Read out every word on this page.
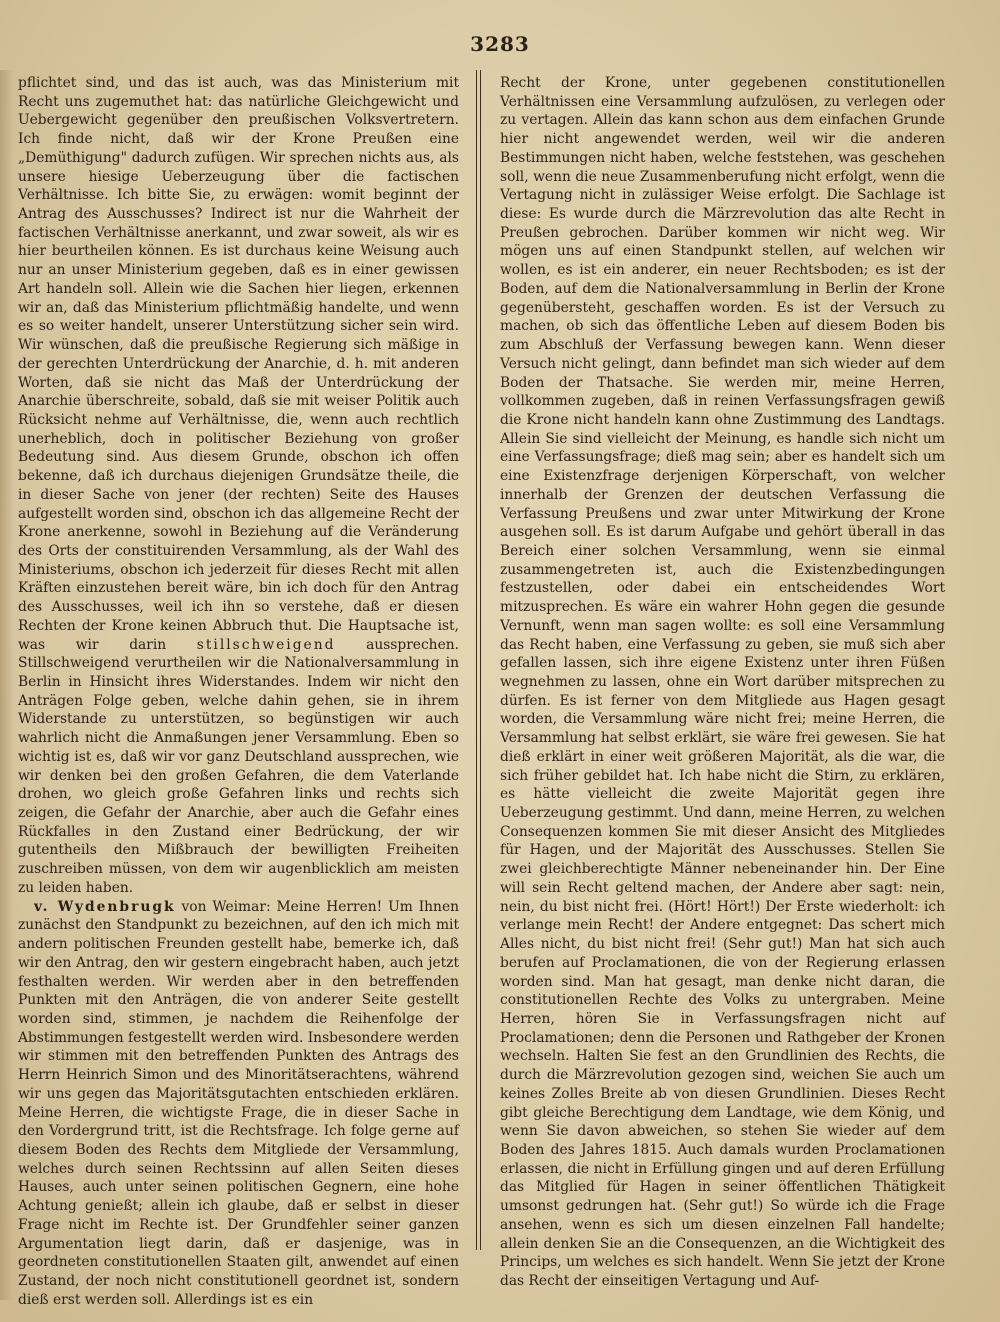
3283

pflichtet sind, und das ist auch, was das Ministerium mit Recht uns zugemuthet hat: das natürliche Gleichgewicht und Uebergewicht gegenüber den preußischen Volksvertretern. Ich finde nicht, daß wir der Krone Preußen eine „Demüthigung" dadurch zufügen. Wir sprechen nichts aus, als unsere hiesige Ueberzeugung über die factischen Verhältnisse. Ich bitte Sie, zu erwägen: womit beginnt der Antrag des Ausschusses? Indirect ist nur die Wahrheit der factischen Verhältnisse anerkannt, und zwar soweit, als wir es hier beurtheilen können. Es ist durchaus keine Weisung auch nur an unser Ministerium gegeben, daß es in einer gewissen Art handeln soll. Allein wie die Sachen hier liegen, erkennen wir an, daß das Ministerium pflichtmäßig handelte, und wenn es so weiter handelt, unserer Unterstützung sicher sein wird. Wir wünschen, daß die preußische Regierung sich mäßige in der gerechten Unterdrückung der Anarchie, d. h. mit anderen Worten, daß sie nicht das Maß der Unterdrückung der Anarchie überschreite, sobald, daß sie mit weiser Politik auch Rücksicht nehme auf Verhältnisse, die, wenn auch rechtlich unerheblich, doch in politischer Beziehung von großer Bedeutung sind. Aus diesem Grunde, obschon ich offen bekenne, daß ich durchaus diejenigen Grundsätze theile, die in dieser Sache von jener (der rechten) Seite des Hauses aufgestellt worden sind, obschon ich das allgemeine Recht der Krone anerkenne, sowohl in Beziehung auf die Veränderung des Orts der constituirenden Versammlung, als der Wahl des Ministeriums, obschon ich jederzeit für dieses Recht mit allen Kräften einzustehen bereit wäre, bin ich doch für den Antrag des Ausschusses, weil ich ihn so verstehe, daß er diesen Rechten der Krone keinen Abbruch thut. Die Hauptsache ist, was wir darin stillschweigend aussprechen. Stillschweigend verurtheilen wir die Nationalversammlung in Berlin in Hinsicht ihres Widerstandes. Indem wir nicht den Anträgen Folge geben, welche dahin gehen, sie in ihrem Widerstande zu unterstützen, so begünstigen wir auch wahrlich nicht die Anmaßungen jener Versammlung. Eben so wichtig ist es, daß wir vor ganz Deutschland aussprechen, wie wir denken bei den großen Gefahren, die dem Vaterlande drohen, wo gleich große Gefahren links und rechts sich zeigen, die Gefahr der Anarchie, aber auch die Gefahr eines Rückfalles in den Zustand einer Bedrückung, der wir gutentheils den Mißbrauch der bewilligten Freiheiten zuschreiben müssen, von dem wir augenblicklich am meisten zu leiden haben.

v. Wydenbrugk von Weimar: Meine Herren! Um Ihnen zunächst den Standpunkt zu bezeichnen, auf den ich mich mit andern politischen Freunden gestellt habe, bemerke ich, daß wir den Antrag, den wir gestern eingebracht haben, auch jetzt festhalten werden. Wir werden aber in den betreffenden Punkten mit den Anträgen, die von anderer Seite gestellt worden sind, stimmen, je nachdem die Reihenfolge der Abstimmungen festgestellt werden wird. Insbesondere werden wir stimmen mit den betreffenden Punkten des Antrags des Herrn Heinrich Simon und des Minoritätserachtens, während wir uns gegen das Majoritätsgutachten entschieden erklären. Meine Herren, die wichtigste Frage, die in dieser Sache in den Vordergrund tritt, ist die Rechtsfrage. Ich folge gerne auf diesem Boden des Rechts dem Mitgliede der Versammlung, welches durch seinen Rechtssinn auf allen Seiten dieses Hauses, auch unter seinen politischen Gegnern, eine hohe Achtung genießt; allein ich glaube, daß er selbst in dieser Frage nicht im Rechte ist. Der Grundfehler seiner ganzen Argumentation liegt darin, daß er dasjenige, was in geordneten constitutionellen Staaten gilt, anwendet auf einen Zustand, der noch nicht constitutionell geordnet ist, sondern dieß erst werden soll. Allerdings ist es ein

Recht der Krone, unter gegebenen constitutionellen Verhältnissen eine Versammlung aufzulösen, zu verlegen oder zu vertagen. Allein das kann schon aus dem einfachen Grunde hier nicht angewendet werden, weil wir die anderen Bestimmungen nicht haben, welche feststehen, was geschehen soll, wenn die neue Zusammenberufung nicht erfolgt, wenn die Vertagung nicht in zulässiger Weise erfolgt. Die Sachlage ist diese: Es wurde durch die Märzrevolution das alte Recht in Preußen gebrochen. Darüber kommen wir nicht weg. Wir mögen uns auf einen Standpunkt stellen, auf welchen wir wollen, es ist ein anderer, ein neuer Rechtsboden; es ist der Boden, auf dem die Nationalversammlung in Berlin der Krone gegenübersteht, geschaffen worden. Es ist der Versuch zu machen, ob sich das öffentliche Leben auf diesem Boden bis zum Abschluß der Verfassung bewegen kann. Wenn dieser Versuch nicht gelingt, dann befindet man sich wieder auf dem Boden der Thatsache. Sie werden mir, meine Herren, vollkommen zugeben, daß in reinen Verfassungsfragen gewiß die Krone nicht handeln kann ohne Zustimmung des Landtags. Allein Sie sind vielleicht der Meinung, es handle sich nicht um eine Verfassungsfrage; dieß mag sein; aber es handelt sich um eine Existenzfrage derjenigen Körperschaft, von welcher innerhalb der Grenzen der deutschen Verfassung die Verfassung Preußens und zwar unter Mitwirkung der Krone ausgehen soll. Es ist darum Aufgabe und gehört überall in das Bereich einer solchen Versammlung, wenn sie einmal zusammengetreten ist, auch die Existenzbedingungen festzustellen, oder dabei ein entscheidendes Wort mitzusprechen. Es wäre ein wahrer Hohn gegen die gesunde Vernunft, wenn man sagen wollte: es soll eine Versammlung das Recht haben, eine Verfassung zu geben, sie muß sich aber gefallen lassen, sich ihre eigene Existenz unter ihren Füßen wegnehmen zu lassen, ohne ein Wort darüber mitsprechen zu dürfen. Es ist ferner von dem Mitgliede aus Hagen gesagt worden, die Versammlung wäre nicht frei; meine Herren, die Versammlung hat selbst erklärt, sie wäre frei gewesen. Sie hat dieß erklärt in einer weit größeren Majorität, als die war, die sich früher gebildet hat. Ich habe nicht die Stirn, zu erklären, es hätte vielleicht die zweite Majorität gegen ihre Ueberzeugung gestimmt. Und dann, meine Herren, zu welchen Consequenzen kommen Sie mit dieser Ansicht des Mitgliedes für Hagen, und der Majorität des Ausschusses. Stellen Sie zwei gleichberechtigte Männer nebeneinander hin. Der Eine will sein Recht geltend machen, der Andere aber sagt: nein, nein, du bist nicht frei. (Hört! Hört!) Der Erste wiederholt: ich verlange mein Recht! der Andere entgegnet: Das schert mich Alles nicht, du bist nicht frei! (Sehr gut!) Man hat sich auch berufen auf Proclamationen, die von der Regierung erlassen worden sind. Man hat gesagt, man denke nicht daran, die constitutionellen Rechte des Volks zu untergraben. Meine Herren, hören Sie in Verfassungsfragen nicht auf Proclamationen; denn die Personen und Rathgeber der Kronen wechseln. Halten Sie fest an den Grundlinien des Rechts, die durch die Märzrevolution gezogen sind, weichen Sie auch um keines Zolles Breite ab von diesen Grundlinien. Dieses Recht gibt gleiche Berechtigung dem Landtage, wie dem König, und wenn Sie davon abweichen, so stehen Sie wieder auf dem Boden des Jahres 1815. Auch damals wurden Proclamationen erlassen, die nicht in Erfüllung gingen und auf deren Erfüllung das Mitglied für Hagen in seiner öffentlichen Thätigkeit umsonst gedrungen hat. (Sehr gut!) So würde ich die Frage ansehen, wenn es sich um diesen einzelnen Fall handelte; allein denken Sie an die Consequenzen, an die Wichtigkeit des Princips, um welches es sich handelt. Wenn Sie jetzt der Krone das Recht der einseitigen Vertagung und Auf-
